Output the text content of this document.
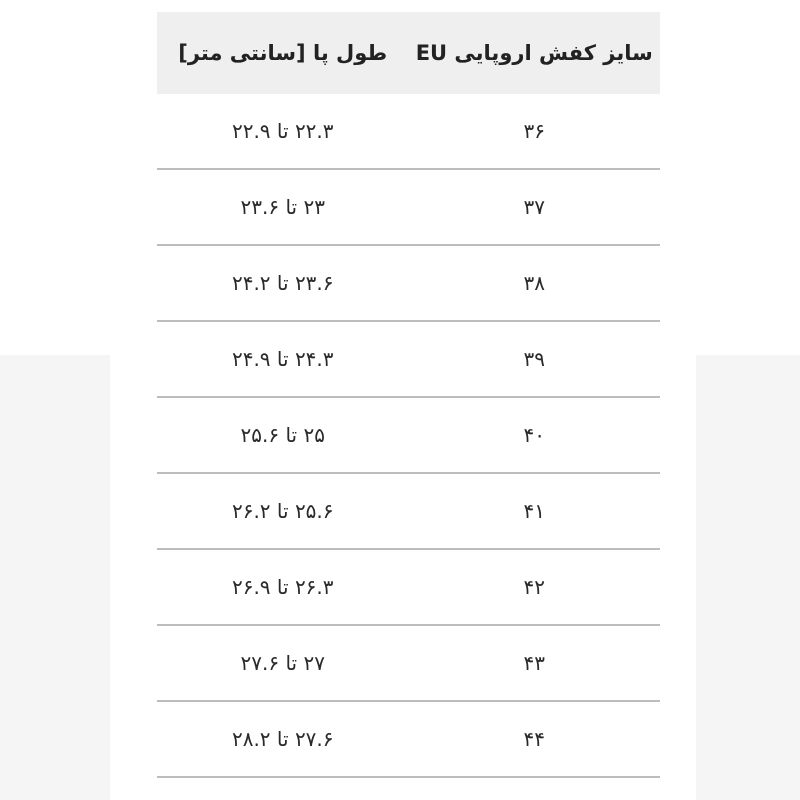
سایز کفش اروپایی EU
طول پا [سانتی متر]
۳۶
۲۲.۳ تا ۲۲.۹
۳۷
۲۳ تا ۲۳.۶
۳۸
۲۳.۶ تا ۲۴.۲
۳۹
۲۴.۳ تا ۲۴.۹
۴۰
۲۵ تا ۲۵.۶
۴۱
۲۵.۶ تا ۲۶.۲
۴۲
۲۶.۳ تا ۲۶.۹
۴۳
۲۷ تا ۲۷.۶
۴۴
۲۷.۶ تا ۲۸.۲
